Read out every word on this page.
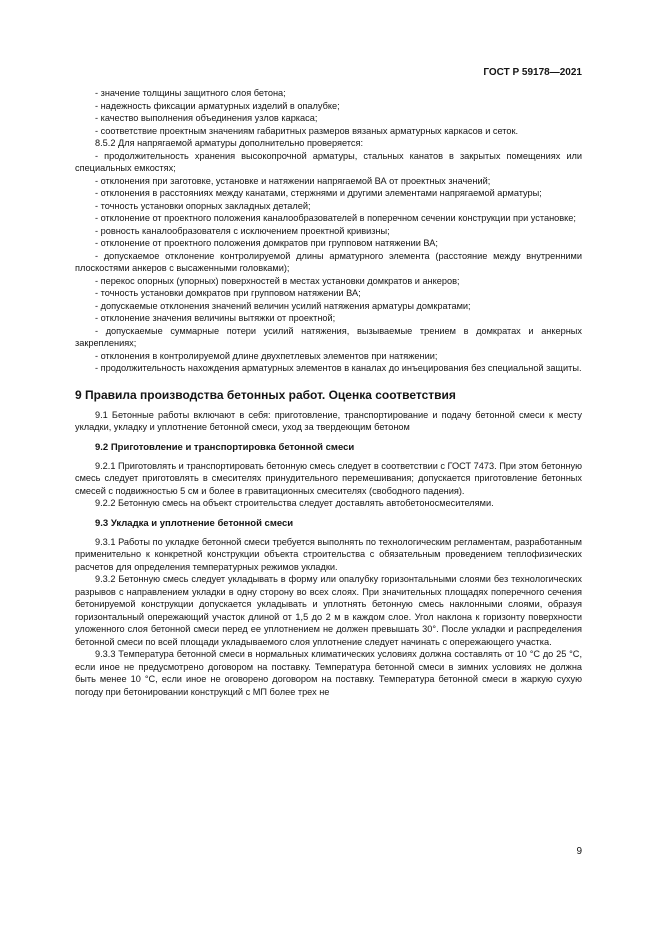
ГОСТ Р 59178—2021

- значение толщины защитного слоя бетона;

- надежность фиксации арматурных изделий в опалубке;

- качество выполнения объединения узлов каркаса;

- соответствие проектным значениям габаритных размеров вязаных арматурных каркасов и сеток.

8.5.2 Для напрягаемой арматуры дополнительно проверяется:

- продолжительность хранения высокопрочной арматуры, стальных канатов в закрытых помещениях или специальных емкостях;

- отклонения при заготовке, установке и натяжении напрягаемой ВА от проектных значений;

- отклонения в расстояниях между канатами, стержнями и другими элементами напрягаемой арматуры;

- точность установки опорных закладных деталей;

- отклонение от проектного положения каналообразователей в поперечном сечении конструкции при установке;

- ровность каналообразователя с исключением проектной кривизны;

- отклонение от проектного положения домкратов при групповом натяжении ВА;

- допускаемое отклонение контролируемой длины арматурного элемента (расстояние между внутренними плоскостями анкеров с высаженными головками);

- перекос опорных (упорных) поверхностей в местах установки домкратов и анкеров;

- точность установки домкратов при групповом натяжении ВА;

- допускаемые отклонения значений величин усилий натяжения арматуры домкратами;

- отклонение значения величины вытяжки от проектной;

- допускаемые суммарные потери усилий натяжения, вызываемые трением в домкратах и анкерных закреплениях;

- отклонения в контролируемой длине двухпетлевых элементов при натяжении;

- продолжительность нахождения арматурных элементов в каналах до инъецирования без специальной защиты.

9 Правила производства бетонных работ. Оценка соответствия

9.1 Бетонные работы включают в себя: приготовление, транспортирование и подачу бетонной смеси к месту укладки, укладку и уплотнение бетонной смеси, уход за твердеющим бетоном

9.2 Приготовление и транспортировка бетонной смеси

9.2.1 Приготовлять и транспортировать бетонную смесь следует в соответствии с ГОСТ 7473. При этом бетонную смесь следует приготовлять в смесителях принудительного перемешивания; допускается приготовление бетонных смесей с подвижностью 5 см и более в гравитационных смесителях (свободного падения).

9.2.2 Бетонную смесь на объект строительства следует доставлять автобетоносмесителями.

9.3 Укладка и уплотнение бетонной смеси

9.3.1 Работы по укладке бетонной смеси требуется выполнять по технологическим регламентам, разработанным применительно к конкретной конструкции объекта строительства с обязательным проведением теплофизических расчетов для определения температурных режимов укладки.

9.3.2 Бетонную смесь следует укладывать в форму или опалубку горизонтальными слоями без технологических разрывов с направлением укладки в одну сторону во всех слоях. При значительных площадях поперечного сечения бетонируемой конструкции допускается укладывать и уплотнять бетонную смесь наклонными слоями, образуя горизонтальный опережающий участок длиной от 1,5 до 2 м в каждом слое. Угол наклона к горизонту поверхности уложенного слоя бетонной смеси перед ее уплотнением не должен превышать 30°. После укладки и распределения бетонной смеси по всей площади укладываемого слоя уплотнение следует начинать с опережающего участка.

9.3.3 Температура бетонной смеси в нормальных климатических условиях должна составлять от 10 °С до 25 °С, если иное не предусмотрено договором на поставку. Температура бетонной смеси в зимних условиях не должна быть менее 10 °С, если иное не оговорено договором на поставку. Температура бетонной смеси в жаркую сухую погоду при бетонировании конструкций с МП более трех не

9
